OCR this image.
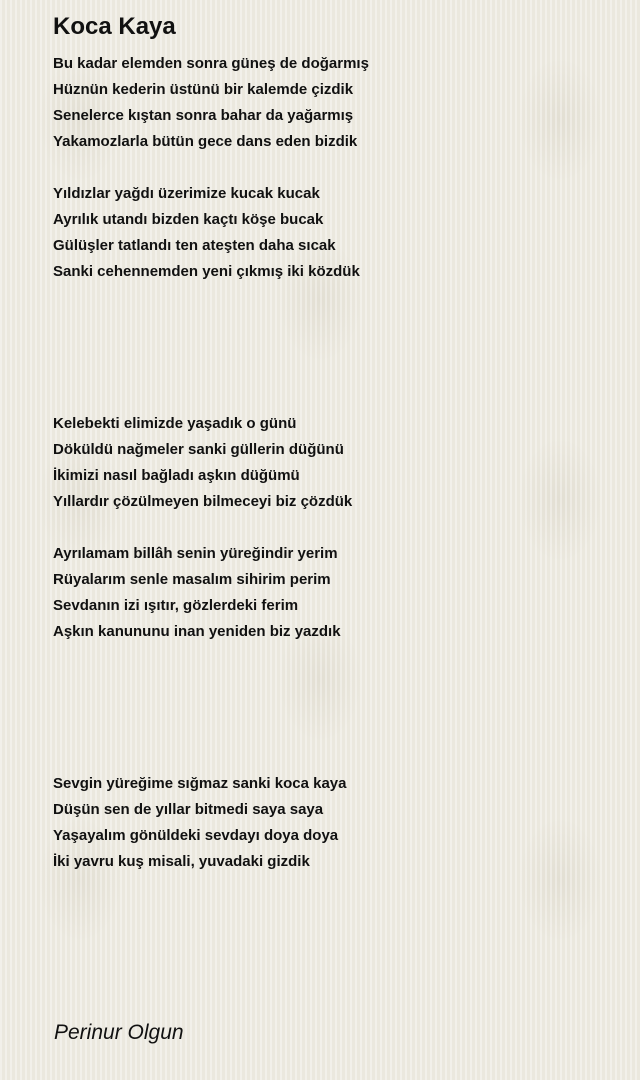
Koca Kaya
Bu kadar elemden sonra güneş de doğarmış
Hüznün kederin üstünü bir kalemde çizdik
Senelerce kıştan sonra bahar da yağarmış
Yakamozlarla bütün gece dans eden bizdik
Yıldızlar yağdı üzerimize kucak kucak
Ayrılık utandı bizden kaçtı köşe bucak
Gülüşler tatlandı ten ateşten daha sıcak
Sanki cehennemden yeni çıkmış iki közdük
Kelebekti elimizde yaşadık o günü
Döküldü nağmeler sanki güllerin düğünü
İkimizi nasıl bağladı aşkın düğümü
Yıllardır çözülmeyen bilmeceyi biz çözdük
Ayrılamam billâh senin yüreğindir yerim
Rüyalarım senle masalım sihirim perim
Sevdanın izi ışıtır, gözlerdeki ferim
Aşkın kanununu inan yeniden biz yazdık
Sevgin yüreğime sığmaz sanki koca kaya
Düşün sen de yıllar bitmedi saya saya
Yaşayalım gönüldeki sevdayı doya doya
İki yavru kuş misali, yuvadaki gizdik
Perinur Olgun
